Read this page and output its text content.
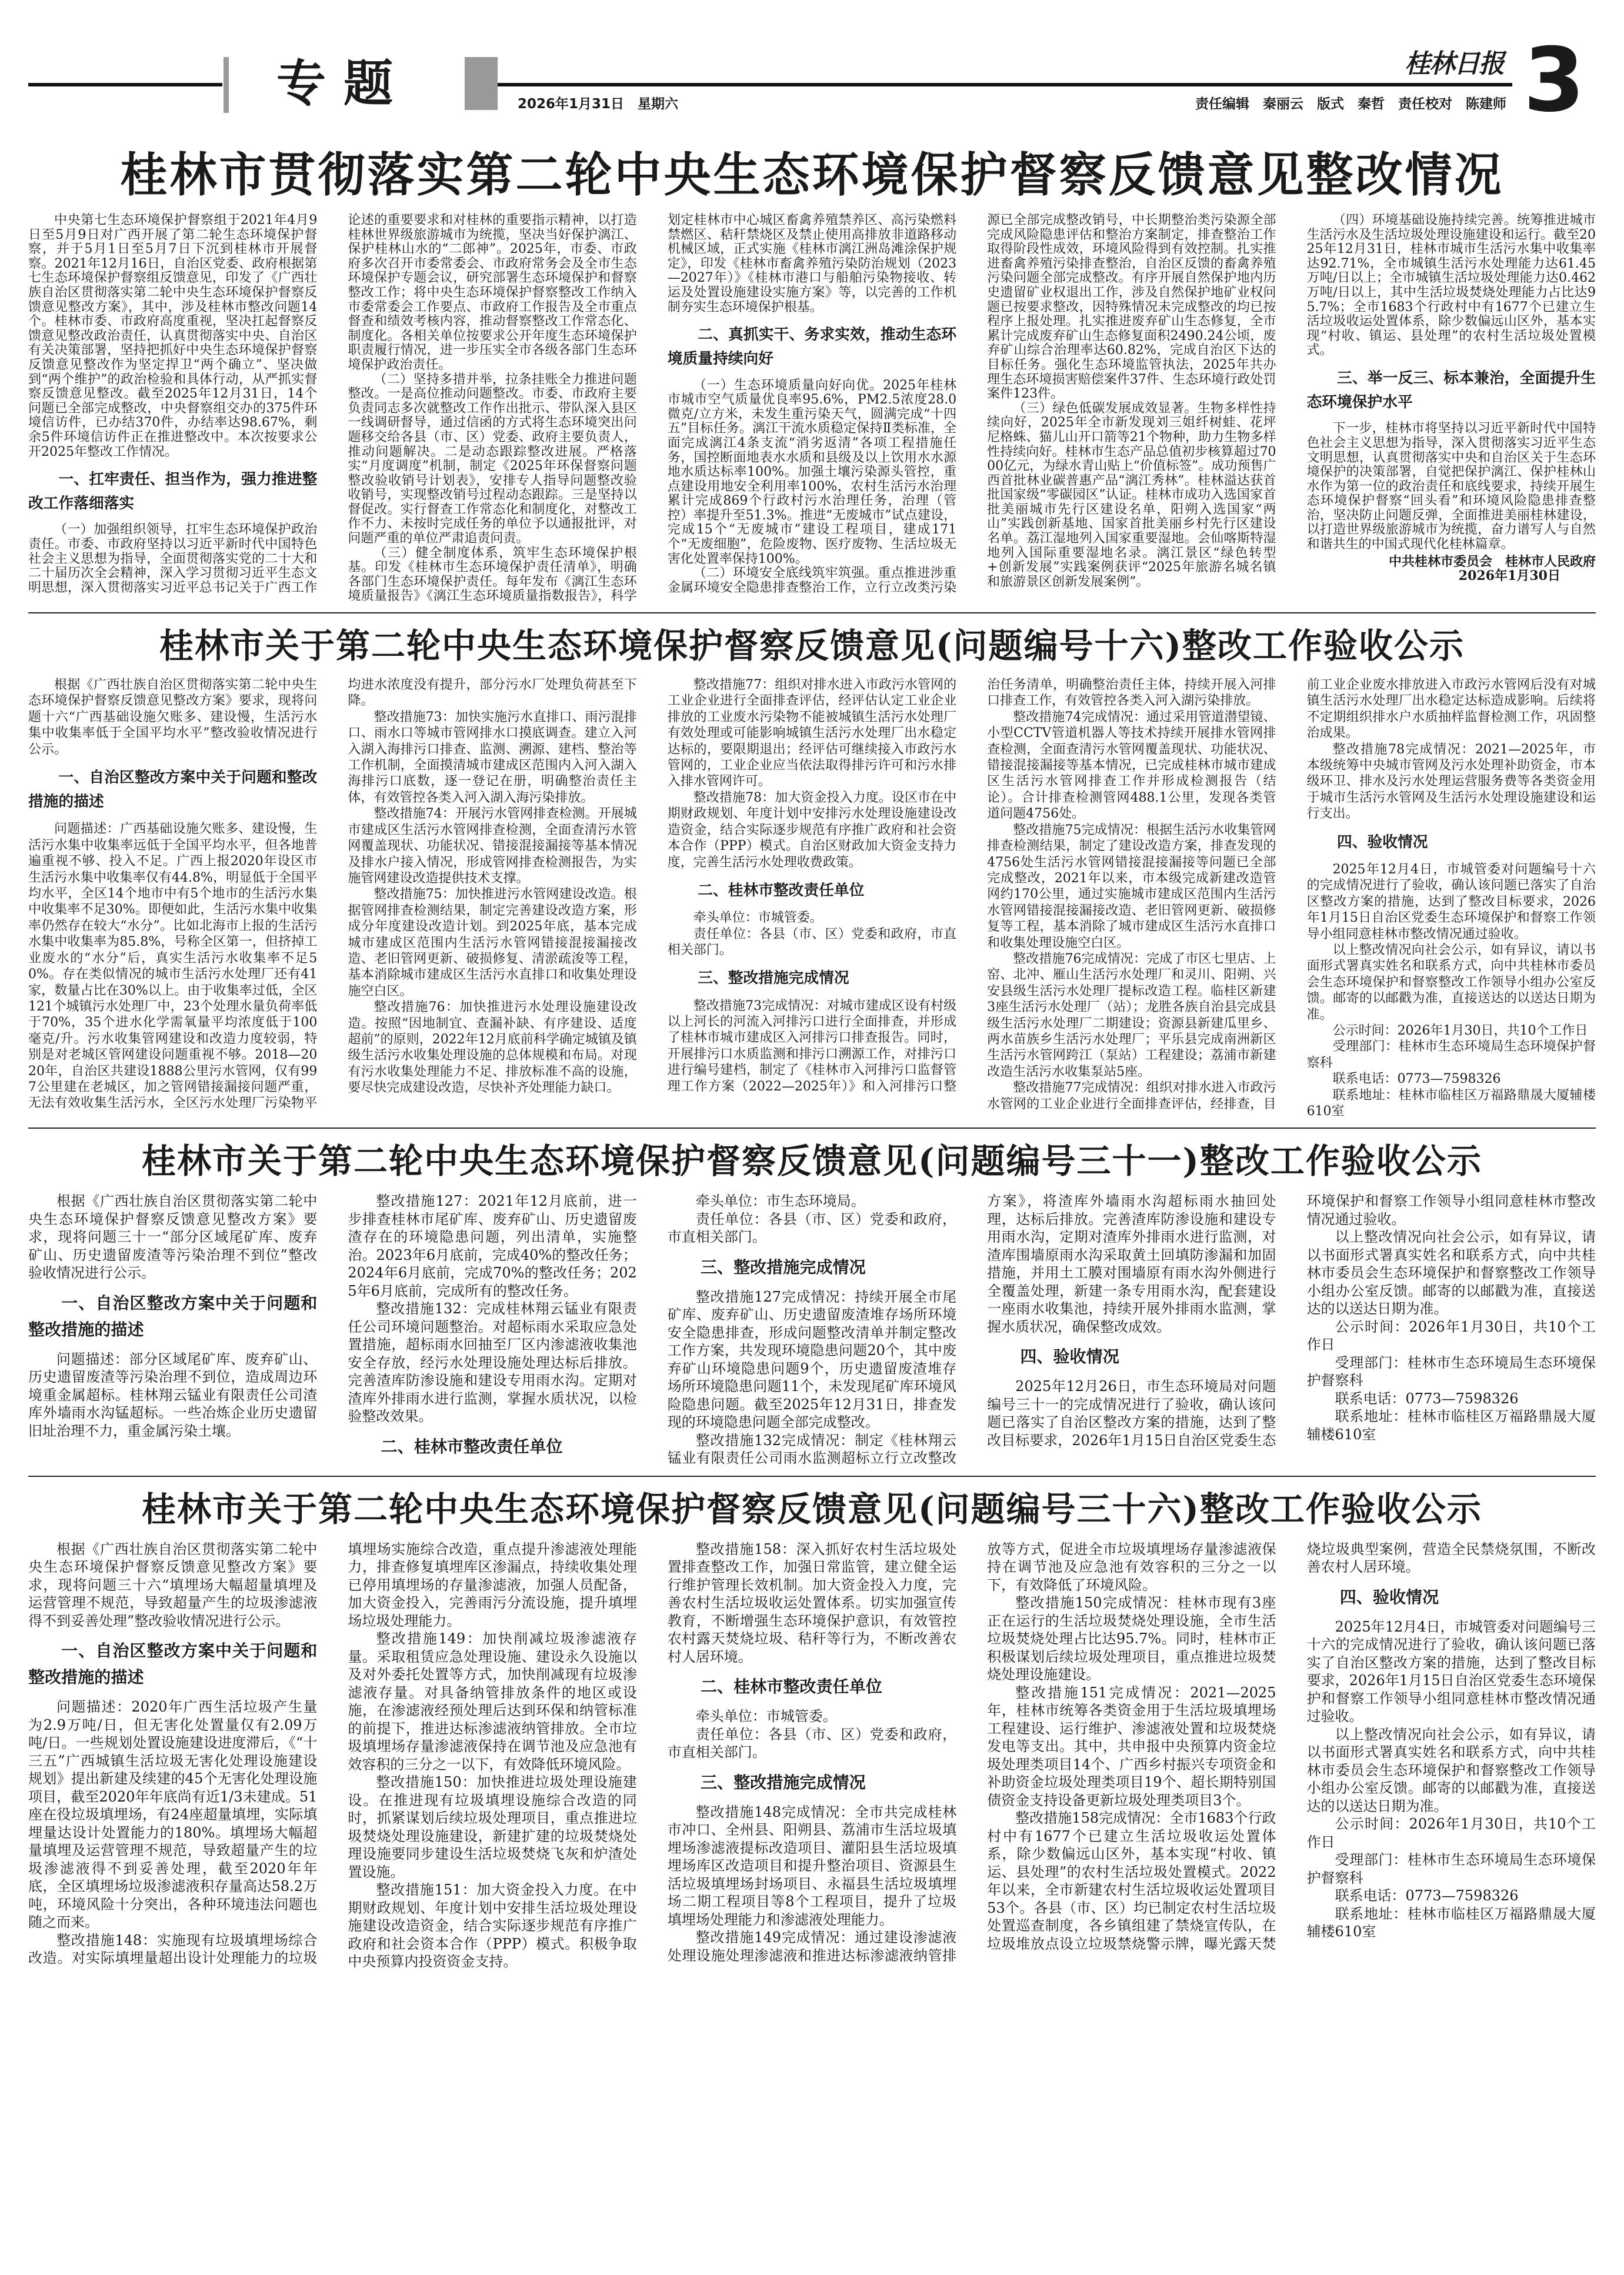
专题	2026年1月31日　星期六
桂林日报
责任编辑　秦丽云　版式　秦哲　责任校对　陈建师 3
桂林市贯彻落实第二轮中央生态环境保护督察反馈意见整改情况

中央第七生态环境保护督察组于2021年4月9日至5月9日对广西开展了第二轮生态环境保护督察，并于5月1日至5月7日下沉到桂林市开展督察。2021年12月16日，自治区党委、政府根据第七生态环境保护督察组反馈意见，印发了《广西壮族自治区贯彻落实第二轮中央生态环境保护督察反馈意见整改方案》，其中，涉及桂林市整改问题14个。桂林市委、市政府高度重视，坚决扛起督察反馈意见整改政治责任，认真贯彻落实中央、自治区有关决策部署，坚持把抓好中央生态环境保护督察反馈意见整改作为坚定捍卫“两个确立”、坚决做到“两个维护”的政治检验和具体行动，从严抓实督察反馈意见整改。截至2025年12月31日，14个问题已全部完成整改，中央督察组交办的375件环境信访件，已办结370件，办结率达98.67%，剩余5件环境信访件正在推进整改中。本次按要求公开2025年整改工作情况。

一、扛牢责任、担当作为，强力推进整改工作落细落实

（一）加强组织领导，扛牢生态环境保护政治责任。市委、市政府坚持以习近平新时代中国特色社会主义思想为指导，全面贯彻落实党的二十大和二十届历次全会精神，深入学习贯彻习近平生态文明思想，深入贯彻落实习近平总书记关于广西工作论述的重要要求和对桂林的重要指示精神，以打造桂林世界级旅游城市为统揽，坚决当好保护漓江、保护桂林山水的“二郎神”。2025年，市委、市政府多次召开市委常委会、市政府常务会及全市生态环境保护专题会议，研究部署生态环境保护和督察整改工作；将中央生态环境保护督察整改工作纳入市委常委会工作要点、市政府工作报告及全市重点督查和绩效考核内容，推动督察整改工作常态化、制度化。各相关单位按要求公开年度生态环境保护职责履行情况，进一步压实全市各级各部门生态环境保护政治责任。

（二）坚持多措并举，拉条挂账全力推进问题整改。一是高位推动问题整改。市委、市政府主要负责同志多次就整改工作作出批示、带队深入县区一线调研督导，通过信函的方式将生态环境突出问题移交给各县（市、区）党委、政府主要负责人，推动问题解决。二是动态跟踪整改进展。严格落实“月度调度”机制，制定《2025年环保督察问题整改验收销号计划表》，安排专人指导问题整改验收销号，实现整改销号过程动态跟踪。三是坚持以督促改。实行督查工作常态化和制度化，对整改工作不力、未按时完成任务的单位予以通报批评，对问题严重的单位严肃追责问责。

（三）健全制度体系，筑牢生态环境保护根基。印发《桂林市生态环境保护责任清单》，明确各部门生态环境保护责任。每年发布《漓江生态环境质量报告》《漓江生态环境质量指数报告》，科学划定桂林市中心城区畜禽养殖禁养区、高污染燃料禁燃区、秸秆禁烧区及禁止使用高排放非道路移动机械区域，正式实施《桂林市漓江洲岛滩涂保护规定》，印发《桂林市畜禽养殖污染防治规划（2023—2027年）》《桂林市港口与船舶污染物接收、转运及处置设施建设实施方案》等，以完善的工作机制夯实生态环境保护根基。

二、真抓实干、务求实效，推动生态环境质量持续向好

（一）生态环境质量向好向优。2025年桂林市城市空气质量优良率95.6%，PM2.5浓度28.0微克/立方米，未发生重污染天气，圆满完成“十四五”目标任务。漓江干流水质稳定保持Ⅱ类标准，全面完成漓江4条支流“消劣返清”各项工程措施任务，国控断面地表水水质和县级及以上饮用水水源地水质达标率100%。加强土壤污染源头管控，重点建设用地安全利用率100%，农村生活污水治理累计完成869个行政村污水治理任务，治理（管控）率提升至51.3%。推进“无废城市”试点建设，完成15个“无废城市”建设工程项目，建成171个“无废细胞”，危险废物、医疗废物、生活垃圾无害化处置率保持100%。

（二）环境安全底线筑牢筑强。重点推进涉重金属环境安全隐患排查整治工作，立行立改类污染源已全部完成整改销号，中长期整治类污染源全部完成风险隐患评估和整治方案制定，排查整治工作取得阶段性成效，环境风险得到有效控制。扎实推进畜禽养殖污染排查整治，自治区反馈的畜禽养殖污染问题全部完成整改。有序开展自然保护地内历史遗留矿业权退出工作，涉及自然保护地矿业权问题已按要求整改，因特殊情况未完成整改的均已按程序上报处理。扎实推进废弃矿山生态修复，全市累计完成废弃矿山生态修复面积2490.24公顷，废弃矿山综合治理率达60.82%，完成自治区下达的目标任务。强化生态环境监管执法，2025年共办理生态环境损害赔偿案件37件、生态环境行政处罚案件123件。

（三）绿色低碳发展成效显著。生物多样性持续向好，2025年全市新发现刘三姐纤树蛙、花坪尼格蛛、猫儿山开口箭等21个物种，助力生物多样性持续向好。桂林市生态产品总值初步核算超过7000亿元，为绿水青山贴上“价值标签”。成功预售广西首批林业碳普惠产品“漓江秀林”。桂林溢达获首批国家级“零碳园区”认证。桂林市成功入选国家首批美丽城市先行区建设名单，阳朔入选国家“两山”实践创新基地、国家首批美丽乡村先行区建设名单。荔江湿地列入国家重要湿地。会仙喀斯特湿地列入国际重要湿地名录。漓江景区“绿色转型+创新发展”实践案例获评“2025年旅游名城名镇和旅游景区创新发展案例”。

（四）环境基础设施持续完善。统筹推进城市生活污水及生活垃圾处理设施建设和运行。截至2025年12月31日，桂林市城市生活污水集中收集率达92.71%，全市城镇生活污水处理能力达61.45万吨/日以上；全市城镇生活垃圾处理能力达0.462万吨/日以上，其中生活垃圾焚烧处理能力占比达95.7%；全市1683个行政村中有1677个已建立生活垃圾收运处置体系，除少数偏远山区外，基本实现“村收、镇运、县处理”的农村生活垃圾处置模式。

三、举一反三、标本兼治，全面提升生态环境保护水平

下一步，桂林市将坚持以习近平新时代中国特色社会主义思想为指导，深入贯彻落实习近平生态文明思想，认真贯彻落实中央和自治区关于生态环境保护的决策部署，自觉把保护漓江、保护桂林山水作为第一位的政治责任和底线要求，持续开展生态环境保护督察“回头看”和环境风险隐患排查整治，坚决防止问题反弹，全面推进美丽桂林建设，以打造世界级旅游城市为统揽，奋力谱写人与自然和谐共生的中国式现代化桂林篇章。

中共桂林市委员会　桂林市人民政府

2026年1月30日

桂林市关于第二轮中央生态环境保护督察反馈意见(问题编号十六)整改工作验收公示

根据《广西壮族自治区贯彻落实第二轮中央生态环境保护督察反馈意见整改方案》要求，现将问题十六“广西基础设施欠账多、建设慢，生活污水集中收集率低于全国平均水平”整改验收情况进行公示。

一、自治区整改方案中关于问题和整改措施的描述

问题描述：广西基础设施欠账多、建设慢，生活污水集中收集率远低于全国平均水平，但各地普遍重视不够、投入不足。广西上报2020年设区市生活污水集中收集率仅有44.8%，明显低于全国平均水平，全区14个地市中有5个地市的生活污水集中收集率不足30%。即便如此，生活污水集中收集率仍然存在较大“水分”。比如北海市上报的生活污水集中收集率为85.8%，号称全区第一，但挤掉工业废水的“水分”后，真实生活污水收集率不足50%。存在类似情况的城市生活污水处理厂还有41家，数量占比在30%以上。由于收集率过低，全区121个城镇污水处理厂中，23个处理水量负荷率低于70%，35个进水化学需氧量平均浓度低于100毫克/升。污水收集管网建设和改造力度较弱，特别是对老城区管网建设问题重视不够。2018—2020年，自治区共建设1888公里污水管网，仅有997公里建在老城区，加之管网错接漏接问题严重，无法有效收集生活污水，全区污水处理厂污染物平均进水浓度没有提升，部分污水厂处理负荷甚至下降。

整改措施73：加快实施污水直排口、雨污混排口、雨水口等城市管网排水口摸底调查。建立入河入湖入海排污口排查、监测、溯源、建档、整治等工作机制，全面摸清城市建成区范围内入河入湖入海排污口底数，逐一登记在册，明确整治责任主体，有效管控各类入河入湖入海污染排放。

整改措施74：开展污水管网排查检测。开展城市建成区生活污水管网排查检测，全面查清污水管网覆盖现状、功能状况、错接混接漏接等基本情况及排水户接入情况，形成管网排查检测报告，为实施管网建设改造提供技术支撑。

整改措施75：加快推进污水管网建设改造。根据管网排查检测结果，制定完善建设改造方案，形成分年度建设改造计划。到2025年底，基本完成城市建成区范围内生活污水管网错接混接漏接改造、老旧管网更新、破损修复、清淤疏浚等工程，基本消除城市建成区生活污水直排口和收集处理设施空白区。

整改措施76：加快推进污水处理设施建设改造。按照“因地制宜、查漏补缺、有序建设、适度超前”的原则，2022年12月底前科学确定城镇及镇级生活污水收集处理设施的总体规模和布局。对现有污水收集处理能力不足、排放标准不高的设施，要尽快完成建设改造，尽快补齐处理能力缺口。

整改措施77：组织对排水进入市政污水管网的工业企业进行全面排查评估，经评估认定工业企业排放的工业废水污染物不能被城镇生活污水处理厂有效处理或可能影响城镇生活污水处理厂出水稳定达标的，要限期退出；经评估可继续接入市政污水管网的，工业企业应当依法取得排污许可和污水排入排水管网许可。

整改措施78：加大资金投入力度。设区市在中期财政规划、年度计划中安排污水处理设施建设改造资金，结合实际逐步规范有序推广政府和社会资本合作（PPP）模式。自治区财政加大资金支持力度，完善生活污水处理收费政策。

二、桂林市整改责任单位

牵头单位：市城管委。

责任单位：各县（市、区）党委和政府，市直相关部门。

三、整改措施完成情况

整改措施73完成情况：对城市建成区设有村级以上河长的河流入河排污口进行全面排查，并形成了桂林市城市建成区入河排污口排查报告。同时，开展排污口水质监测和排污口溯源工作，对排污口进行编号建档，制定了《桂林市入河排污口监督管理工作方案（2022—2025年）》和入河排污口整治任务清单，明确整治责任主体，持续开展入河排口排查工作，有效管控各类入河入湖污染排放。

整改措施74完成情况：通过采用管道潜望镜、小型CCTV管道机器人等技术持续开展排水管网排查检测，全面查清污水管网覆盖现状、功能状况、错接混接漏接等基本情况，已完成桂林市城市建成区生活污水管网排查工作并形成检测报告（结论）。合计排查检测管网488.1公里，发现各类管道问题4756处。

整改措施75完成情况：根据生活污水收集管网排查检测结果，制定了建设改造方案，排查发现的4756处生活污水管网错接混接漏接等问题已全部完成整改，2021年以来，市本级完成新建改造管网约170公里，通过实施城市建成区范围内生活污水管网错接混接漏接改造、老旧管网更新、破损修复等工程，基本消除了城市建成区生活污水直排口和收集处理设施空白区。

整改措施76完成情况：完成了市区七里店、上窑、北冲、雁山生活污水处理厂和灵川、阳朔、兴安县级生活污水处理厂提标改造工程。临桂区新建3座生活污水处理厂（站）；龙胜各族自治县完成县级生活污水处理厂二期建设；资源县新建瓜里乡、两水苗族乡生活污水处理厂；平乐县完成南洲新区生活污水管网跨江（泵站）工程建设；荔浦市新建改造生活污水收集泵站5座。

整改措施77完成情况：组织对排水进入市政污水管网的工业企业进行全面排查评估，经排查，目前工业企业废水排放进入市政污水管网后没有对城镇生活污水处理厂出水稳定达标造成影响。后续将不定期组织排水户水质抽样监督检测工作，巩固整治成果。

整改措施78完成情况：2021—2025年，市本级统筹中央城市管网及污水处理补助资金，市本级环卫、排水及污水处理运营服务费等各类资金用于城市生活污水管网及生活污水处理设施建设和运行支出。

四、验收情况

2025年12月4日，市城管委对问题编号十六的完成情况进行了验收，确认该问题已落实了自治区整改方案的措施，达到了整改目标要求，2026年1月15日自治区党委生态环境保护和督察工作领导小组同意桂林市整改情况通过验收。

以上整改情况向社会公示，如有异议，请以书面形式署真实姓名和联系方式，向中共桂林市委员会生态环境保护和督察整改工作领导小组办公室反馈。邮寄的以邮戳为准，直接送达的以送达日期为准。

公示时间：2026年1月30日，共10个工作日

受理部门：桂林市生态环境局生态环境保护督察科

联系电话：0773—7598326

联系地址：桂林市临桂区万福路鼎晟大厦辅楼610室

桂林市关于第二轮中央生态环境保护督察反馈意见(问题编号三十一)整改工作验收公示

根据《广西壮族自治区贯彻落实第二轮中央生态环境保护督察反馈意见整改方案》要求，现将问题三十一“部分区域尾矿库、废弃矿山、历史遗留废渣等污染治理不到位”整改验收情况进行公示。

一、自治区整改方案中关于问题和整改措施的描述

问题描述：部分区域尾矿库、废弃矿山、历史遗留废渣等污染治理不到位，造成周边环境重金属超标。桂林翔云锰业有限责任公司渣库外墙雨水沟锰超标。一些冶炼企业历史遗留旧址治理不力，重金属污染土壤。

整改措施127：2021年12月底前，进一步排查桂林市尾矿库、废弃矿山、历史遗留废渣存在的环境隐患问题，列出清单，实施整治。2023年6月底前，完成40%的整改任务；2024年6月底前，完成70%的整改任务；2025年6月底前，完成所有的整改任务。

整改措施132：完成桂林翔云锰业有限责任公司环境问题整治。对超标雨水采取应急处置措施，超标雨水回抽至厂区内渗滤液收集池安全存放，经污水处理设施处理达标后排放。完善渣库防渗设施和建设专用雨水沟。定期对渣库外排雨水进行监测，掌握水质状况，以检验整改效果。

二、桂林市整改责任单位

牵头单位：市生态环境局。

责任单位：各县（市、区）党委和政府，市直相关部门。

三、整改措施完成情况

整改措施127完成情况：持续开展全市尾矿库、废弃矿山、历史遗留废渣堆存场所环境安全隐患排查，形成问题整改清单并制定整改工作方案，共发现环境隐患问题20个，其中废弃矿山环境隐患问题9个，历史遗留废渣堆存场所环境隐患问题11个，未发现尾矿库环境风险隐患问题。截至2025年12月31日，排查发现的环境隐患问题全部完成整改。

整改措施132完成情况：制定《桂林翔云锰业有限责任公司雨水监测超标立行立改整改方案》，将渣库外墙雨水沟超标雨水抽回处理，达标后排放。完善渣库防渗设施和建设专用雨水沟，定期对渣库外排雨水进行监测，对渣库围墙原雨水沟采取黄土回填防渗漏和加固措施，并用土工膜对围墙原有雨水沟外侧进行全覆盖处理，新建一条专用雨水沟，配套建设一座雨水收集池，持续开展外排雨水监测，掌握水质状况，确保整改成效。

四、验收情况

2025年12月26日，市生态环境局对问题编号三十一的完成情况进行了验收，确认该问题已落实了自治区整改方案的措施，达到了整改目标要求，2026年1月15日自治区党委生态环境保护和督察工作领导小组同意桂林市整改情况通过验收。

以上整改情况向社会公示，如有异议，请以书面形式署真实姓名和联系方式，向中共桂林市委员会生态环境保护和督察整改工作领导小组办公室反馈。邮寄的以邮戳为准，直接送达的以送达日期为准。

公示时间：2026年1月30日，共10个工作日

受理部门：桂林市生态环境局生态环境保护督察科

联系电话：0773—7598326

联系地址：桂林市临桂区万福路鼎晟大厦辅楼610室

桂林市关于第二轮中央生态环境保护督察反馈意见(问题编号三十六)整改工作验收公示

根据《广西壮族自治区贯彻落实第二轮中央生态环境保护督察反馈意见整改方案》要求，现将问题三十六“填埋场大幅超量填埋及运营管理不规范，导致超量产生的垃圾渗滤液得不到妥善处理”整改验收情况进行公示。

一、自治区整改方案中关于问题和整改措施的描述

问题描述：2020年广西生活垃圾产生量为2.9万吨/日，但无害化处置量仅有2.09万吨/日。一些规划处置设施建设进度滞后，《“十三五”广西城镇生活垃圾无害化处理设施建设规划》提出新建及续建的45个无害化处理设施项目，截至2020年年底尚有近1/3未建成。51座在役垃圾填埋场，有24座超量填埋，实际填埋量达设计处置能力的180%。填埋场大幅超量填埋及运营管理不规范，导致超量产生的垃圾渗滤液得不到妥善处理，截至2020年年底，全区填埋场垃圾渗滤液积存量高达58.2万吨，环境风险十分突出，各种环境违法问题也随之而来。

整改措施148：实施现有垃圾填埋场综合改造。对实际填埋量超出设计处理能力的垃圾填埋场实施综合改造，重点提升渗滤液处理能力，排查修复填埋库区渗漏点，持续收集处理已停用填埋场的存量渗滤液，加强人员配备，加大资金投入，完善雨污分流设施，提升填埋场垃圾处理能力。

整改措施149：加快削减垃圾渗滤液存量。采取租赁应急处理设施、建设永久设施以及对外委托处置等方式，加快削减现有垃圾渗滤液存量。对具备纳管排放条件的地区或设施，在渗滤液经预处理后达到环保和纳管标准的前提下，推进达标渗滤液纳管排放。全市垃圾填埋场存量渗滤液保持在调节池及应急池有效容积的三分之一以下，有效降低环境风险。

整改措施150：加快推进垃圾处理设施建设。在推进现有垃圾填埋设施综合改造的同时，抓紧谋划后续垃圾处理项目，重点推进垃圾焚烧处理设施建设，新建扩建的垃圾焚烧处理设施要同步建设生活垃圾焚烧飞灰和炉渣处置设施。

整改措施151：加大资金投入力度。在中期财政规划、年度计划中安排生活垃圾处理设施建设改造资金，结合实际逐步规范有序推广政府和社会资本合作（PPP）模式。积极争取中央预算内投资资金支持。

整改措施158：深入抓好农村生活垃圾处置排查整改工作，加强日常监管，建立健全运行维护管理长效机制。加大资金投入力度，完善农村生活垃圾收运处置体系。切实加强宣传教育，不断增强生态环境保护意识，有效管控农村露天焚烧垃圾、秸秆等行为，不断改善农村人居环境。

二、桂林市整改责任单位

牵头单位：市城管委。

责任单位：各县（市、区）党委和政府，市直相关部门。

三、整改措施完成情况

整改措施148完成情况：全市共完成桂林市冲口、全州县、阳朔县、荔浦市生活垃圾填埋场渗滤液提标改造项目、灌阳县生活垃圾填埋场库区改造项目和提升整治项目、资源县生活垃圾填埋场封场项目、永福县生活垃圾填埋场二期工程项目等8个工程项目，提升了垃圾填埋场处理能力和渗滤液处理能力。

整改措施149完成情况：通过建设渗滤液处理设施处理渗滤液和推进达标渗滤液纳管排放等方式，促进全市垃圾填埋场存量渗滤液保持在调节池及应急池有效容积的三分之一以下，有效降低了环境风险。

整改措施150完成情况：桂林市现有3座正在运行的生活垃圾焚烧处理设施，全市生活垃圾焚烧处理占比达95.7%。同时，桂林市正积极谋划后续垃圾处理项目，重点推进垃圾焚烧处理设施建设。

整改措施151完成情况：2021—2025年，桂林市统筹各类资金用于生活垃圾填埋场工程建设、运行维护、渗滤液处置和垃圾焚烧发电等支出。其中，共申报中央预算内资金垃圾处理类项目14个、广西乡村振兴专项资金和补助资金垃圾处理类项目19个、超长期特别国债资金支持设备更新垃圾处理类项目3个。

整改措施158完成情况：全市1683个行政村中有1677个已建立生活垃圾收运处置体系，除少数偏远山区外，基本实现“村收、镇运、县处理”的农村生活垃圾处置模式。2022年以来，全市新建农村生活垃圾收运处置项目53个。各县（市、区）均已制定农村生活垃圾处置巡查制度，各乡镇组建了禁烧宣传队，在垃圾堆放点设立垃圾禁烧警示牌，曝光露天焚烧垃圾典型案例，营造全民禁烧氛围，不断改善农村人居环境。

四、验收情况

2025年12月4日，市城管委对问题编号三十六的完成情况进行了验收，确认该问题已落实了自治区整改方案的措施，达到了整改目标要求，2026年1月15日自治区党委生态环境保护和督察工作领导小组同意桂林市整改情况通过验收。

以上整改情况向社会公示，如有异议，请以书面形式署真实姓名和联系方式，向中共桂林市委员会生态环境保护和督察整改工作领导小组办公室反馈。邮寄的以邮戳为准，直接送达的以送达日期为准。

公示时间：2026年1月30日，共10个工作日

受理部门：桂林市生态环境局生态环境保护督察科

联系电话：0773—7598326

联系地址：桂林市临桂区万福路鼎晟大厦辅楼610室
